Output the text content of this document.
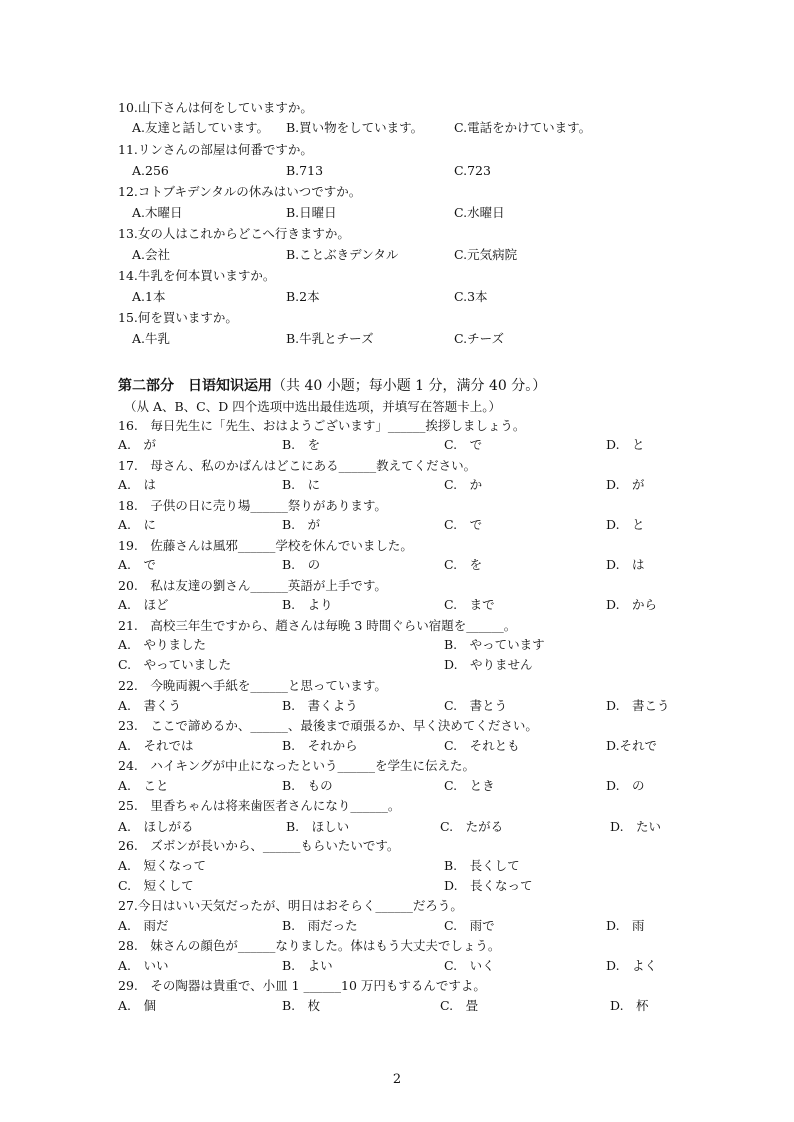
10.山下さんは何をしていますか。
A.友達と話しています。 B.買い物をしています。 C.電話をかけています。
11.リンさんの部屋は何番ですか。
A.256	B.713	C.723
12.コトブキデンタルの休みはいつですか。
A.木曜日	B.日曜日	C.水曜日
13.女の人はこれからどこへ行きますか。
A.会社	B.ことぶきデンタル	C.元気病院
14.牛乳を何本買いますか。
A.1本	B.2本	C.3本
15.何を買いますか。
A.牛乳	B.牛乳とチーズ	C.チーズ
第二部分　日语知识运用（共 40 小题；每小题 1 分，满分 40 分。）
（从 A、B、C、D 四个选项中选出最佳选项，并填写在答题卡上。）
16.　毎日先生に「先生、おはようございます」______挨拶しましょう。
A.　が	B.　を	C.　で	D.　と
17.　母さん、私のかばんはどこにある______教えてください。
A.　は	B.　に	C.　か	D.　が
18.　子供の日に売り場______祭りがあります。
A.　に	B.　が	C.　で	D.　と
19.　佐藤さんは風邪______学校を休んでいました。
A.　で	B.　の	C.　を	D.　は
20.　私は友達の劉さん______英語が上手です。
A.　ほど	B.　より	C.　まで	D.　から
21.　高校三年生ですから、趙さんは毎晩 3 時間ぐらい宿題を______。
A.　やりました	B.　やっています
C.　やっていました	D.　やりません
22.　今晩両親へ手紙を______と思っています。
A.　書くう	B.　書くよう	C.　書とう	D.　書こう
23.　ここで諦めるか、______、最後まで頑張るか、早く決めてください。
A.　それでは	B.　それから	C.　それとも	D.それで
24.　ハイキングが中止になったという______を学生に伝えた。
A.　こと	B.　もの	C.　とき	D.　の
25.　里香ちゃんは将来歯医者さんになり______。
A.　ほしがる	B.　ほしい	C.　たがる	D.　たい
26.　ズボンが長いから、______もらいたいです。
A.　短くなって	B.　長くして
C.　短くして	D.　長くなって
27.今日はいい天気だったが、明日はおそらく______だろう。
A.　雨だ	B.　雨だった	C.　雨で	D.　雨
28.　妹さんの顔色が______なりました。体はもう大丈夫でしょう。
A.　いい	B.　よい	C.　いく	D.　よく
29.　その陶器は貴重で、小皿 1 ______10 万円もするんですよ。
A.　個	B.　枚	C.　畳	D.　杯
2
